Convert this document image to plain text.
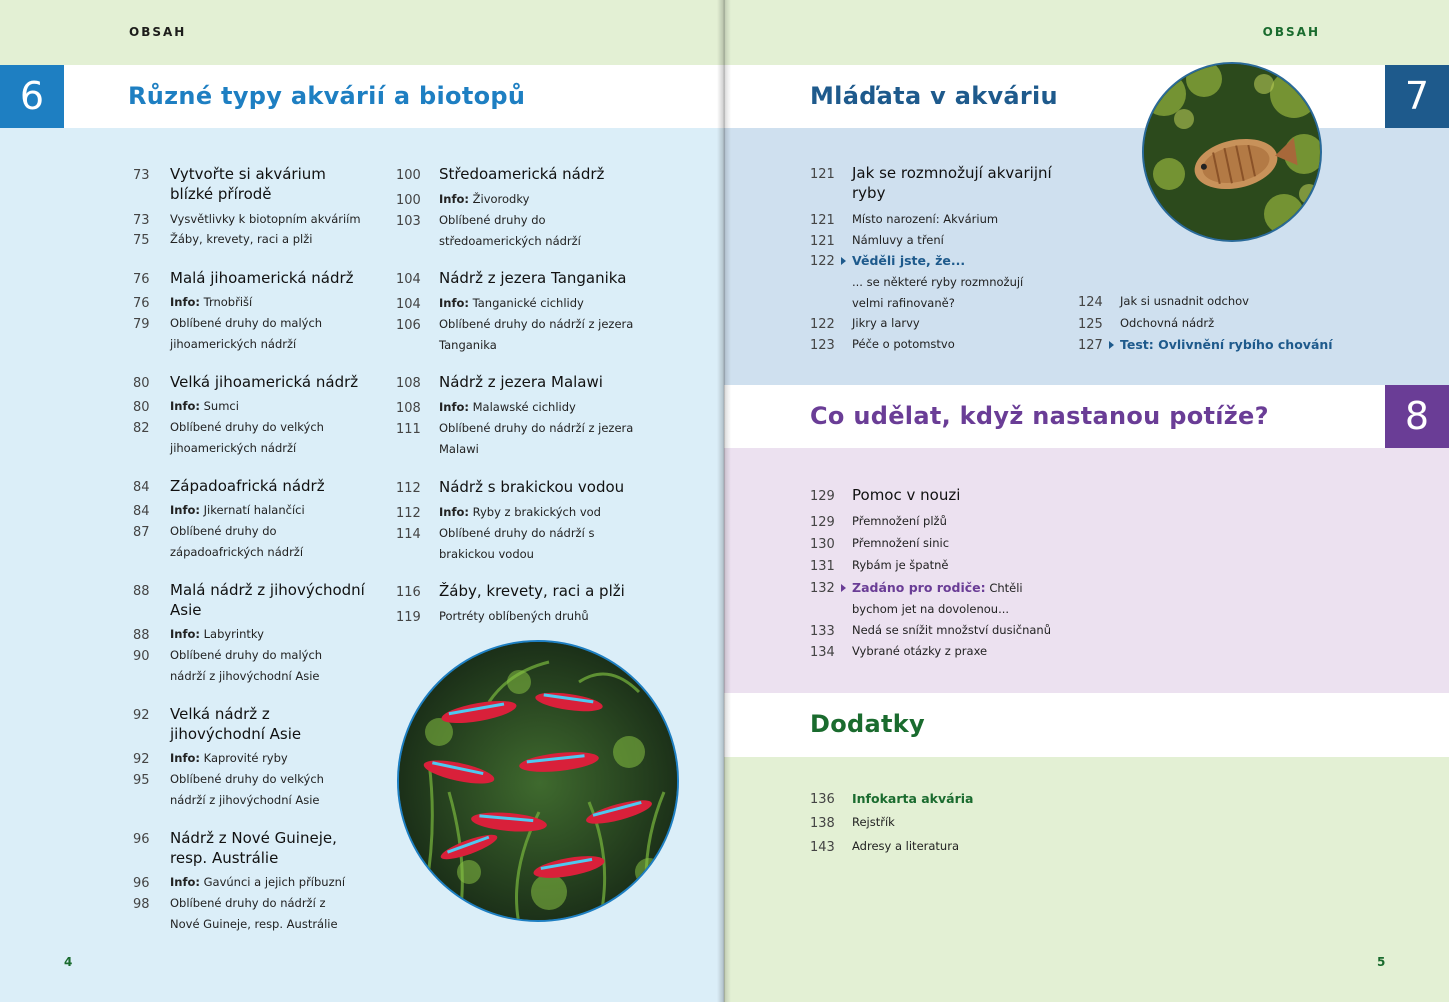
OBSAH
6	Různé typy akvárií a biotopů
73 Vytvořte si akvárium blízké přírodě
73 Vysvětlivky k biotopním akváriím
75 Žáby, krevety, raci a plži
76 Malá jihoamerická nádrž
76 Info: Trnobřiší
79 Oblíbené druhy do malých jihoamerických nádrží
80 Velká jihoamerická nádrž
80 Info: Sumci
82 Oblíbené druhy do velkých jihoamerických nádrží
84 Západoafrická nádrž
84 Info: Jikernatí halančíci
87 Oblíbené druhy do západoafrických nádrží
88 Malá nádrž z jihovýchodní Asie
88 Info: Labyrintky
90 Oblíbené druhy do malých nádrží z jihovýchodní Asie
92 Velká nádrž z jihovýchodní Asie
92 Info: Kaprovité ryby
95 Oblíbené druhy do velkých nádrží z jihovýchodní Asie
96 Nádrž z Nové Guineje, resp. Austrálie
96 Info: Gavúnci a jejich příbuzní
98 Oblíbené druhy do nádrží z Nové Guineje, resp. Austrálie
100 Středoamerická nádrž
100 Info: Živorodky
103 Oblíbené druhy do středoamerických nádrží
104 Nádrž z jezera Tanganika
104 Info: Tanganické cichlidy
106 Oblíbené druhy do nádrží z jezera Tanganika
108 Nádrž z jezera Malawi
108 Info: Malawské cichlidy
111 Oblíbené druhy do nádrží z jezera Malawi
112 Nádrž s brakickou vodou
112 Info: Ryby z brakických vod
114 Oblíbené druhy do nádrží s brakickou vodou
116 Žáby, krevety, raci a plži
119 Portréty oblíbených druhů
4
OBSAH
Mláďata v akváriu	7
121 Jak se rozmnožují akvarijní ryby
121 Místo narození: Akvárium
121 Námluvy a tření
122 Věděli jste, že...
... se některé ryby rozmnožují velmi rafinovaně?
122 Jikry a larvy
123 Péče o potomstvo
124 Jak si usnadnit odchov
125 Odchovná nádrž
127 Test: Ovlivnění rybího chování
Co udělat, když nastanou potíže?	8
129 Pomoc v nouzi
129 Přemnožení plžů
130 Přemnožení sinic
131 Rybám je špatně
132 Zadáno pro rodiče: Chtěli bychom jet na dovolenou...
133 Nedá se snížit množství dusičnanů
134 Vybrané otázky z praxe
Dodatky
136 Infokarta akvária
138 Rejstřík
143 Adresy a literatura
5
